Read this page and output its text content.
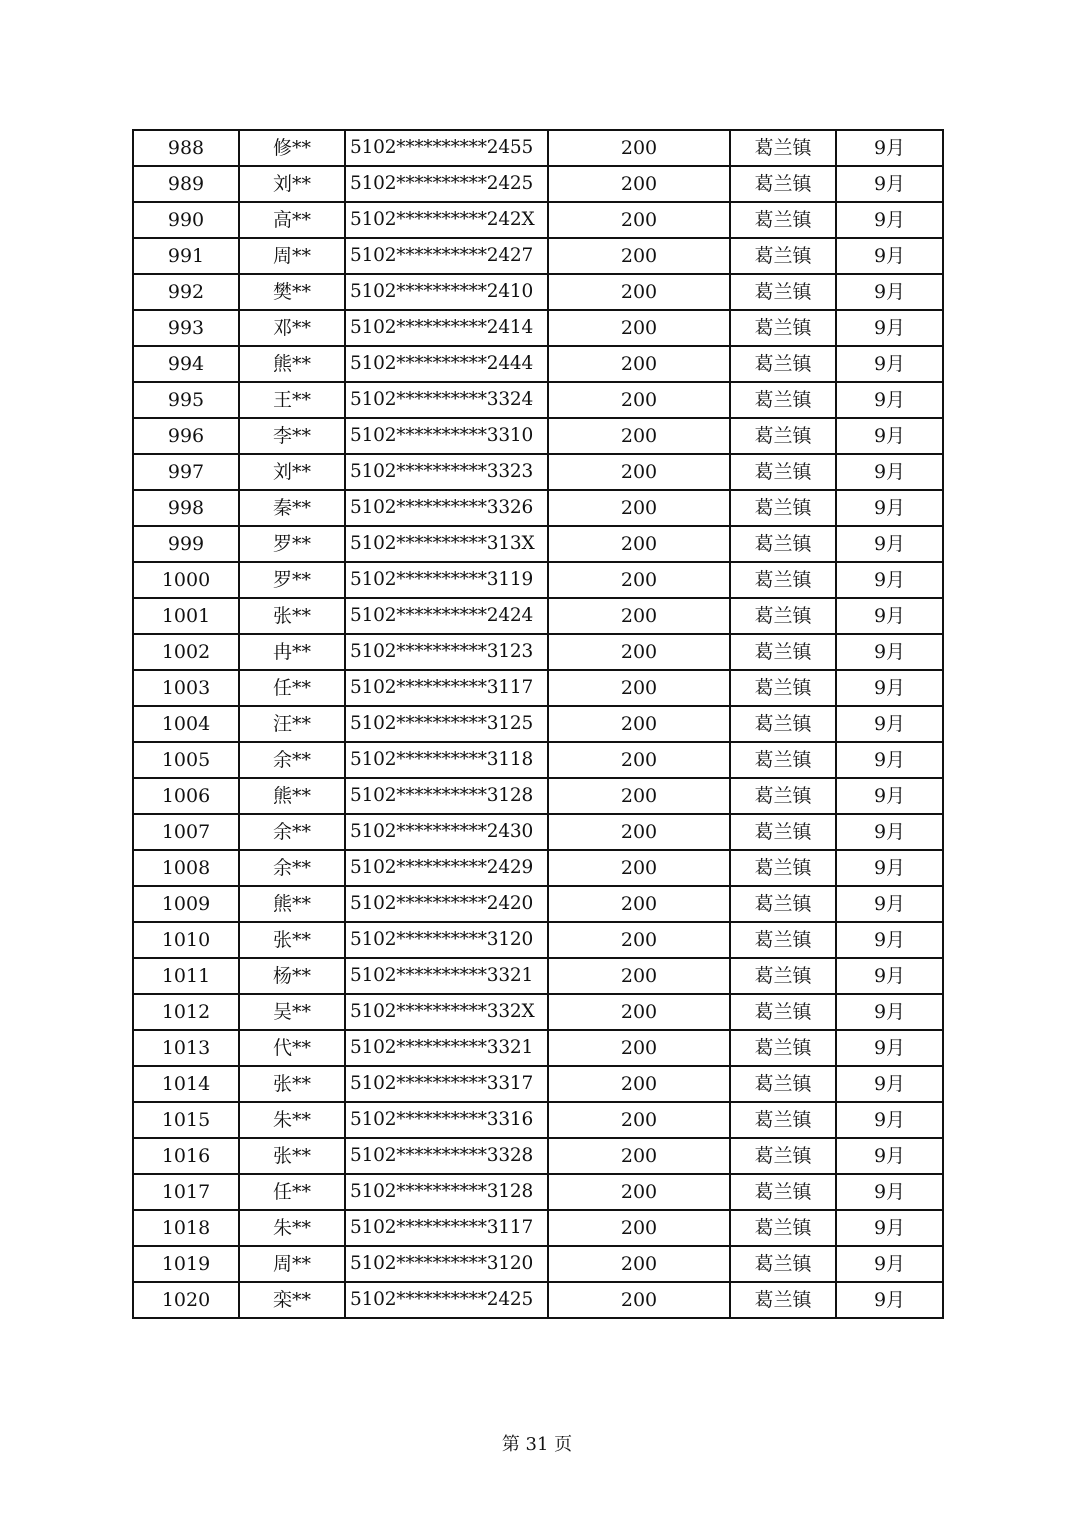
988	修**	5102**********2455	200	葛兰镇	9月
989	刘**	5102**********2425	200	葛兰镇	9月
990	高**	5102**********242X	200	葛兰镇	9月
991	周**	5102**********2427	200	葛兰镇	9月
992	樊**	5102**********2410	200	葛兰镇	9月
993	邓**	5102**********2414	200	葛兰镇	9月
994	熊**	5102**********2444	200	葛兰镇	9月
995	王**	5102**********3324	200	葛兰镇	9月
996	李**	5102**********3310	200	葛兰镇	9月
997	刘**	5102**********3323	200	葛兰镇	9月
998	秦**	5102**********3326	200	葛兰镇	9月
999	罗**	5102**********313X	200	葛兰镇	9月
1000	罗**	5102**********3119	200	葛兰镇	9月
1001	张**	5102**********2424	200	葛兰镇	9月
1002	冉**	5102**********3123	200	葛兰镇	9月
1003	任**	5102**********3117	200	葛兰镇	9月
1004	汪**	5102**********3125	200	葛兰镇	9月
1005	余**	5102**********3118	200	葛兰镇	9月
1006	熊**	5102**********3128	200	葛兰镇	9月
1007	余**	5102**********2430	200	葛兰镇	9月
1008	余**	5102**********2429	200	葛兰镇	9月
1009	熊**	5102**********2420	200	葛兰镇	9月
1010	张**	5102**********3120	200	葛兰镇	9月
1011	杨**	5102**********3321	200	葛兰镇	9月
1012	吴**	5102**********332X	200	葛兰镇	9月
1013	代**	5102**********3321	200	葛兰镇	9月
1014	张**	5102**********3317	200	葛兰镇	9月
1015	朱**	5102**********3316	200	葛兰镇	9月
1016	张**	5102**********3328	200	葛兰镇	9月
1017	任**	5102**********3128	200	葛兰镇	9月
1018	朱**	5102**********3117	200	葛兰镇	9月
1019	周**	5102**********3120	200	葛兰镇	9月
1020	栾**	5102**********2425	200	葛兰镇	9月
第 31 页
